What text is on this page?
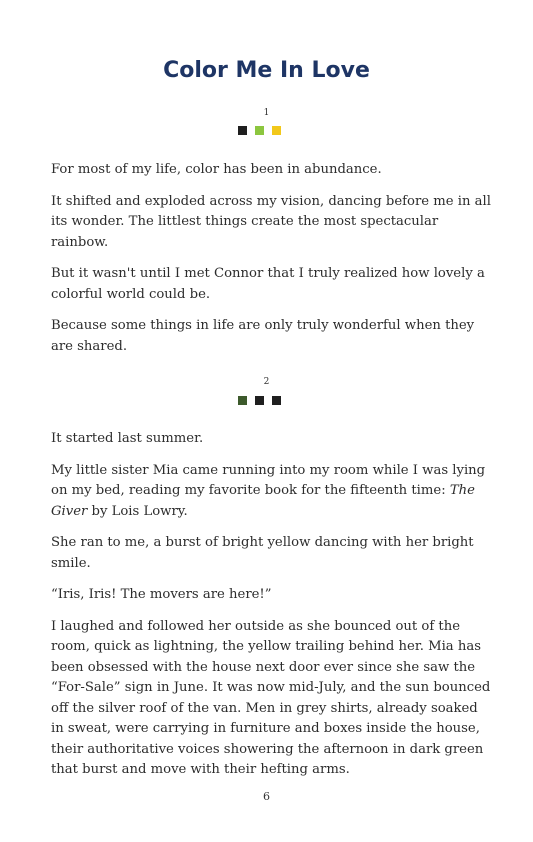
Color Me In Love
1

For most of my life, color has been in abundance.

It shifted and exploded across my vision, dancing before me in all its wonder. The littlest things create the most spectacular rainbow.

But it wasn't until I met Connor that I truly realized how lovely a colorful world could be.

Because some things in life are only truly wonderful when they are shared.

2

It started last summer.

My little sister Mia came running into my room while I was lying on my bed, reading my favorite book for the fifteenth time: The Giver by Lois Lowry.

She ran to me, a burst of bright yellow dancing with her bright smile.

“Iris, Iris! The movers are here!”

I laughed and followed her outside as she bounced out of the room, quick as lightning, the yellow trailing behind her. Mia has been obsessed with the house next door ever since she saw the “For-Sale” sign in June. It was now mid-July, and the sun bounced off the silver roof of the van. Men in grey shirts, already soaked in sweat, were carrying in furniture and boxes inside the house, their authoritative voices showering the afternoon in dark green that burst and move with their hefting arms.

6
